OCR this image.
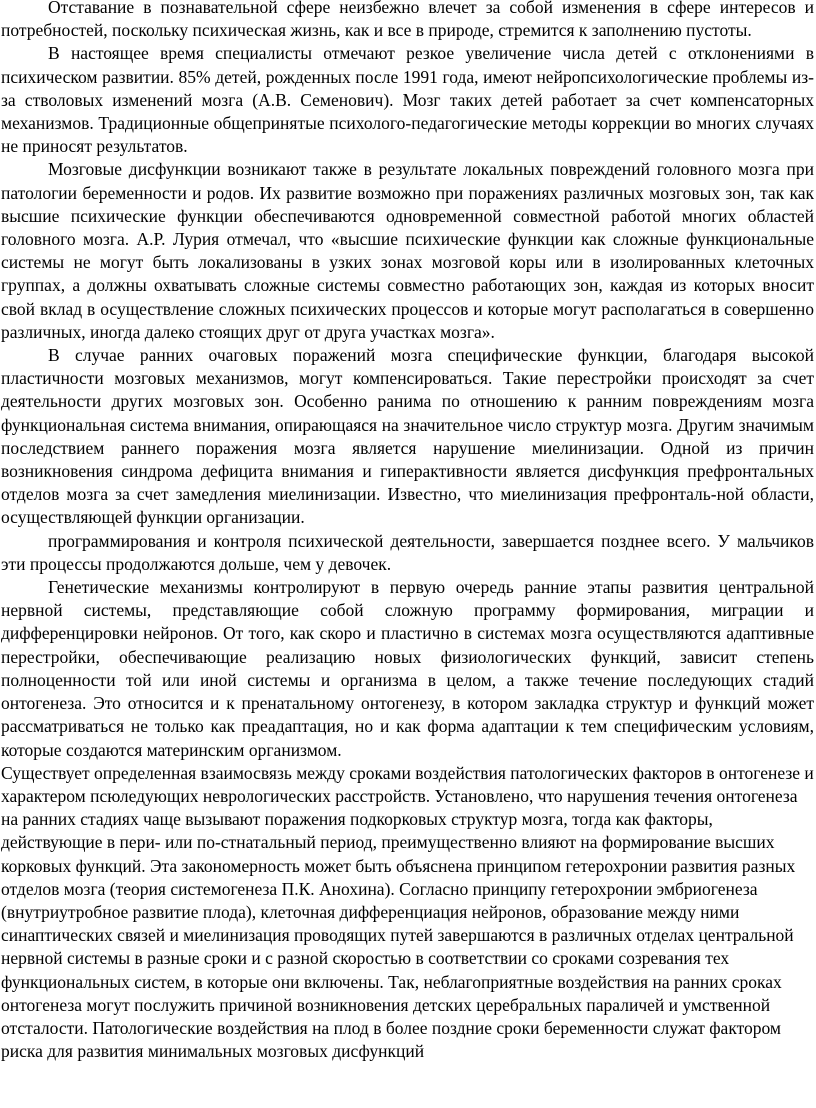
Отставание в познавательной сфере неизбежно влечет за собой изменения в сфере интересов и потребностей, поскольку психическая жизнь, как и все в природе, стремится к заполнению пустоты.

В настоящее время специалисты отмечают резкое увеличение числа детей с отклонениями в психическом развитии. 85% детей, рожденных после 1991 года, имеют нейропсихологические проблемы из-за стволовых изменений мозга (А.В. Семенович). Мозг таких детей работает за счет компенсаторных механизмов. Традиционные общепринятые психолого-педагогические методы коррекции во многих случаях не приносят результатов.

Мозговые дисфункции возникают также в результате локальных повреждений головного мозга при патологии беременности и родов. Их развитие возможно при поражениях различных мозговых зон, так как высшие психические функции обеспечиваются одновременной совместной работой многих областей головного мозга. А.Р. Лурия отмечал, что «высшие психические функции как сложные функциональные системы не могут быть локализованы в узких зонах мозговой коры или в изолированных клеточных группах, а должны охватывать сложные системы совместно работающих зон, каждая из которых вносит свой вклад в осуществление сложных психических процессов и которые могут располагаться в совершенно различных, иногда далеко стоящих друг от друга участках мозга».

В случае ранних очаговых поражений мозга специфические функции, благодаря высокой пластичности мозговых механизмов, могут компенсироваться. Такие перестройки происходят за счет деятельности других мозговых зон. Особенно ранима по отношению к ранним повреждениям мозга функциональная система внимания, опирающаяся на значительное число структур мозга. Другим значимым последствием раннего поражения мозга является нарушение миелинизации. Одной из причин возникновения синдрома дефицита внимания и гиперактивности является дисфункция префронтальных отделов мозга за счет замедления миелинизации. Известно, что миелинизация префронталь-ной области, осуществляющей функции организации.

программирования и контроля психической деятельности, завершается позднее всего. У мальчиков эти процессы продолжаются дольше, чем у девочек.

Генетические механизмы контролируют в первую очередь ранние этапы развития центральной нервной системы, представляющие собой сложную программу формирования, миграции и дифференцировки нейронов. От того, как скоро и пластично в системах мозга осуществляются адаптивные перестройки, обеспечивающие реализацию новых физиологических функций, зависит степень полноценности той или иной системы и организма в целом, а также течение последующих стадий онтогенеза. Это относится и к пренатальному онтогенезу, в котором закладка структур и функций может рассматриваться не только как преадаптация, но и как форма адаптации к тем специфическим условиям, которые создаются материнским организмом.

Существует определенная взаимосвязь между сроками воздействия патологических факторов в онтогенезе и характером псюледующих неврологических расстройств. Установлено, что нарушения течения онтогенеза на ранних стадиях чаще вызывают поражения подкорковых структур мозга, тогда как факторы, действующие в пери- или по-стнатальный период, преимущественно влияют на формирование высших корковых функций. Эта закономерность может быть объяснена принципом гетерохронии развития разных отделов мозга (теория системогенеза П.К. Анохина). Согласно принципу гетерохронии эмбриогенеза (внутриутробное развитие плода), клеточная дифференциация нейронов, образование между ними синаптических связей и миелинизация проводящих путей завершаются в различных отделах центральной нервной системы в разные сроки и с разной скоростью в соответствии со сроками созревания тех функциональных систем, в которые они включены. Так, неблагоприятные воздействия на ранних сроках онтогенеза могут послужить причиной возникновения детских церебральных параличей и умственной отсталости. Патологические воздействия на плод в более поздние сроки беременности служат фактором риска для развития минимальных мозговых дисфункций
